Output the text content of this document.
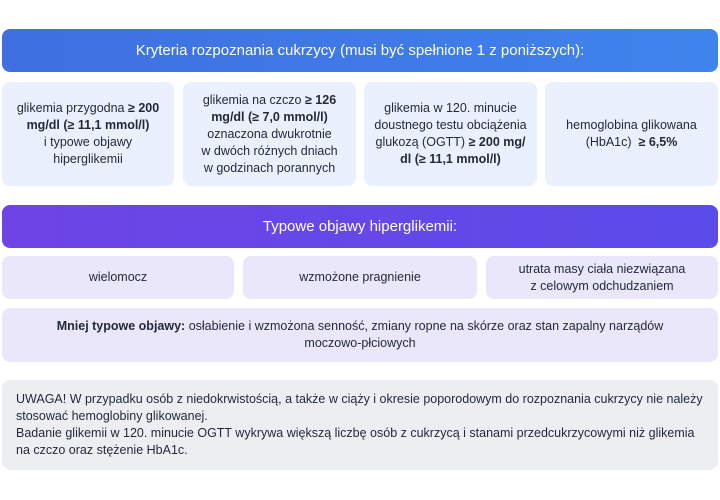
Kryteria rozpoznania cukrzycy (musi być spełnione 1 z poniższych):
glikemia przygodna ≥ 200
mg/dl (≥ 11,1 mmol/l)
i typowe objawy
hiperglikemii
glikemia na czczo ≥ 126
mg/dl (≥ 7,0 mmol/l)
oznaczona dwukrotnie
w dwóch różnych dniach
w godzinach porannych
glikemia w 120. minucie
doustnego testu obciążenia
glukozą (OGTT) ≥ 200 mg/
dl (≥ 11,1 mmol/l)
hemoglobina glikowana
(HbA1c)  ≥ 6,5%
Typowe objawy hiperglikemii:
wielomocz	wzmożone pragnienie
utrata masy ciała niezwiązana
z celowym odchudzaniem
Mniej typowe objawy: osłabienie i wzmożona senność, zmiany ropne na skórze oraz stan zapalny narządów moczowo-płciowych
UWAGA! W przypadku osób z niedokrwistością, a także w ciąży i okresie poporodowym do rozpoznania cukrzycy nie należy stosować hemoglobiny glikowanej.
Badanie glikemii w 120. minucie OGTT wykrywa większą liczbę osób z cukrzycą i stanami przedcukrzycowymi niż glikemia na czczo oraz stężenie HbA1c.
